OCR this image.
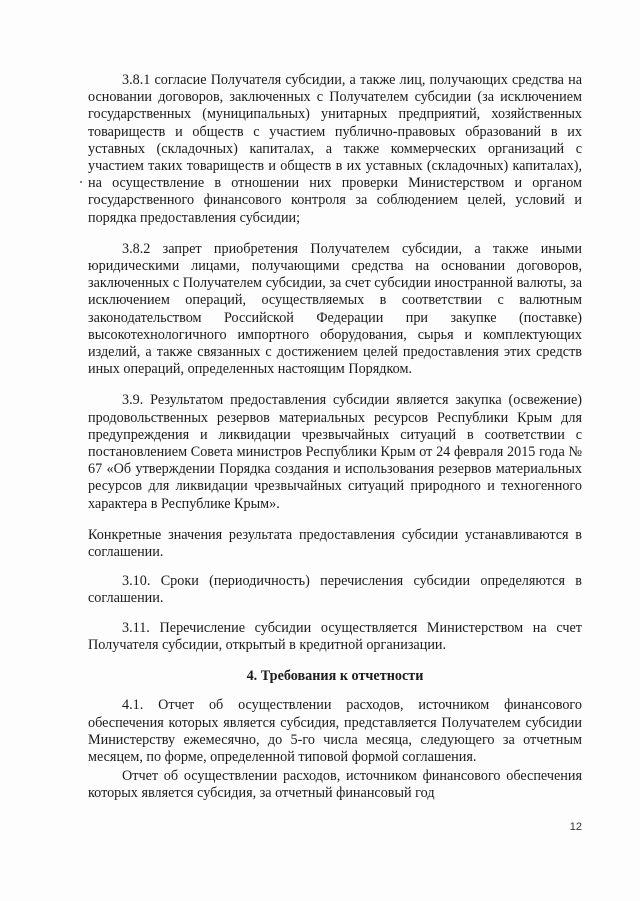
3.8.1 согласие Получателя субсидии, а также лиц, получающих средства на основании договоров, заключенных с Получателем субсидии (за исключением государственных (муниципальных) унитарных предприятий, хозяйственных товариществ и обществ с участием публично-правовых образований в их уставных (складочных) капиталах, а также коммерческих организаций с участием таких товариществ и обществ в их уставных (складочных) капиталах), на осуществление в отношении них проверки Министерством и органом государственного финансового контроля за соблюдением целей, условий и порядка предоставления субсидии;

3.8.2 запрет приобретения Получателем субсидии, а также иными юридическими лицами, получающими средства на основании договоров, заключенных с Получателем субсидии, за счет субсидии иностранной валюты, за исключением операций, осуществляемых в соответствии с валютным законодательством Российской Федерации при закупке (поставке) высокотехнологичного импортного оборудования, сырья и комплектующих изделий, а также связанных с достижением целей предоставления этих средств иных операций, определенных настоящим Порядком.

3.9. Результатом предоставления субсидии является закупка (освежение) продовольственных резервов материальных ресурсов Республики Крым для предупреждения и ликвидации чрезвычайных ситуаций в соответствии с постановлением Совета министров Республики Крым от 24 февраля 2015 года № 67 «Об утверждении Порядка создания и использования резервов материальных ресурсов для ликвидации чрезвычайных ситуаций природного и техногенного характера в Республике Крым».

Конкретные значения результата предоставления субсидии устанавливаются в соглашении.

3.10. Сроки (периодичность) перечисления субсидии определяются в соглашении.

3.11. Перечисление субсидии осуществляется Министерством на счет Получателя субсидии, открытый в кредитной организации.

4. Требования к отчетности

4.1. Отчет об осуществлении расходов, источником финансового обеспечения которых является субсидия, представляется Получателем субсидии Министерству ежемесячно, до 5-го числа месяца, следующего за отчетным месяцем, по форме, определенной типовой формой соглашения.

Отчет об осуществлении расходов, источником финансового обеспечения которых является субсидия, за отчетный финансовый год

12
